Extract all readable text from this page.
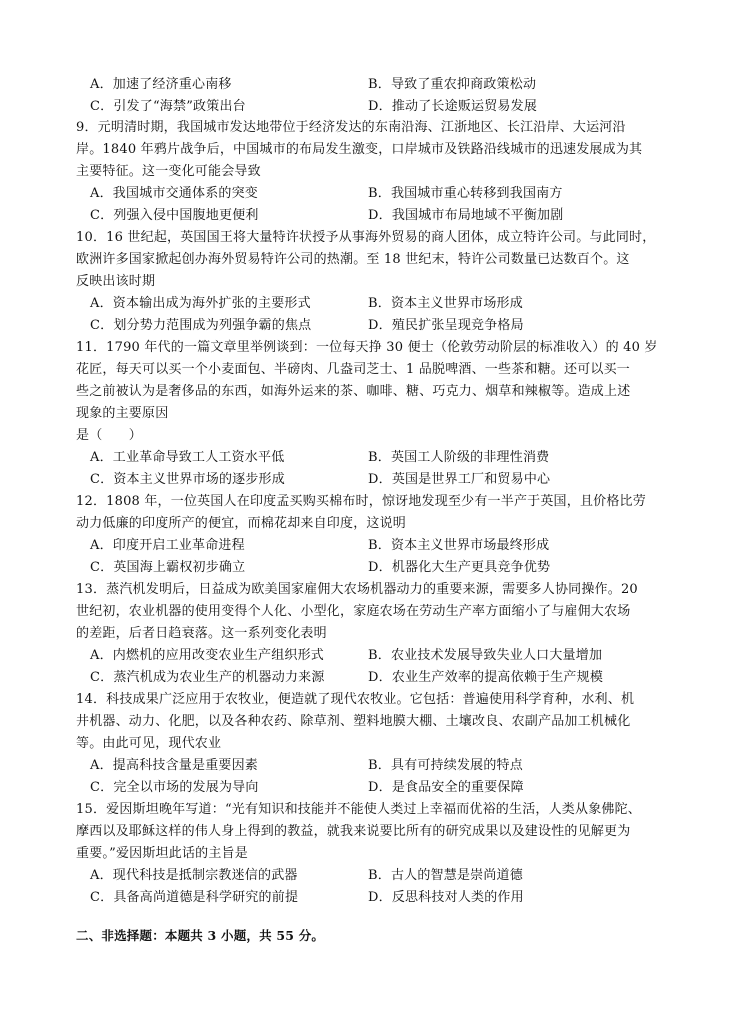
A．加速了经济重心南移	B．导致了重农抑商政策松动
C．引发了“海禁”政策出台	D．推动了长途贩运贸易发展
9．元明清时期，我国城市发达地带位于经济发达的东南沿海、江浙地区、长江沿岸、大运河沿
岸。1840 年鸦片战争后，中国城市的布局发生激变，口岸城市及铁路沿线城市的迅速发展成为其
主要特征。这一变化可能会导致
A．我国城市交通体系的突变	B．我国城市重心转移到我国南方
C．列强入侵中国腹地更便利	D．我国城市布局地域不平衡加剧
10．16 世纪起，英国国王将大量特许状授予从事海外贸易的商人团体，成立特许公司。与此同时，
欧洲许多国家掀起创办海外贸易特许公司的热潮。至 18 世纪末，特许公司数量已达数百个。这
反映出该时期
A．资本输出成为海外扩张的主要形式	B．资本主义世界市场形成
C．划分势力范围成为列强争霸的焦点	D．殖民扩张呈现竞争格局
11．1790 年代的一篇文章里举例谈到：一位每天挣 30 便士（伦敦劳动阶层的标准收入）的 40 岁
花匠，每天可以买一个小麦面包、半磅肉、几盎司芝士、1 品脱啤酒、一些茶和糖。还可以买一
些之前被认为是奢侈品的东西，如海外运来的茶、咖啡、糖、巧克力、烟草和辣椒等。造成上述
现象的主要原因
是（　　）
A．工业革命导致工人工资水平低	B．英国工人阶级的非理性消费
C．资本主义世界市场的逐步形成	D．英国是世界工厂和贸易中心
12．1808 年，一位英国人在印度孟买购买棉布时，惊讶地发现至少有一半产于英国，且价格比劳
动力低廉的印度所产的便宜，而棉花却来自印度，这说明
A．印度开启工业革命进程	B．资本主义世界市场最终形成
C．英国海上霸权初步确立	D．机器化大生产更具竞争优势
13．蒸汽机发明后，日益成为欧美国家雇佣大农场机器动力的重要来源，需要多人协同操作。20
世纪初，农业机器的使用变得个人化、小型化，家庭农场在劳动生产率方面缩小了与雇佣大农场
的差距，后者日趋衰落。这一系列变化表明
A．内燃机的应用改变农业生产组织形式	B．农业技术发展导致失业人口大量增加
C．蒸汽机成为农业生产的机器动力来源	D．农业生产效率的提高依赖于生产规模
14．科技成果广泛应用于农牧业，便造就了现代农牧业。它包括：普遍使用科学育种，水利、机
井机器、动力、化肥，以及各种农药、除草剂、塑料地膜大棚、土壤改良、农副产品加工机械化
等。由此可见，现代农业
A．提高科技含量是重要因素	B．具有可持续发展的特点
C．完全以市场的发展为导向	D．是食品安全的重要保障
15．爱因斯坦晚年写道：“光有知识和技能并不能使人类过上幸福而优裕的生活，人类从象佛陀、
摩西以及耶稣这样的伟人身上得到的教益，就我来说要比所有的研究成果以及建设性的见解更为
重要。”爱因斯坦此话的主旨是
A．现代科技是抵制宗教迷信的武器	B．古人的智慧是崇尚道德
C．具备高尚道德是科学研究的前提	D．反思科技对人类的作用
二、非选择题：本题共 3 小题，共 55 分。
